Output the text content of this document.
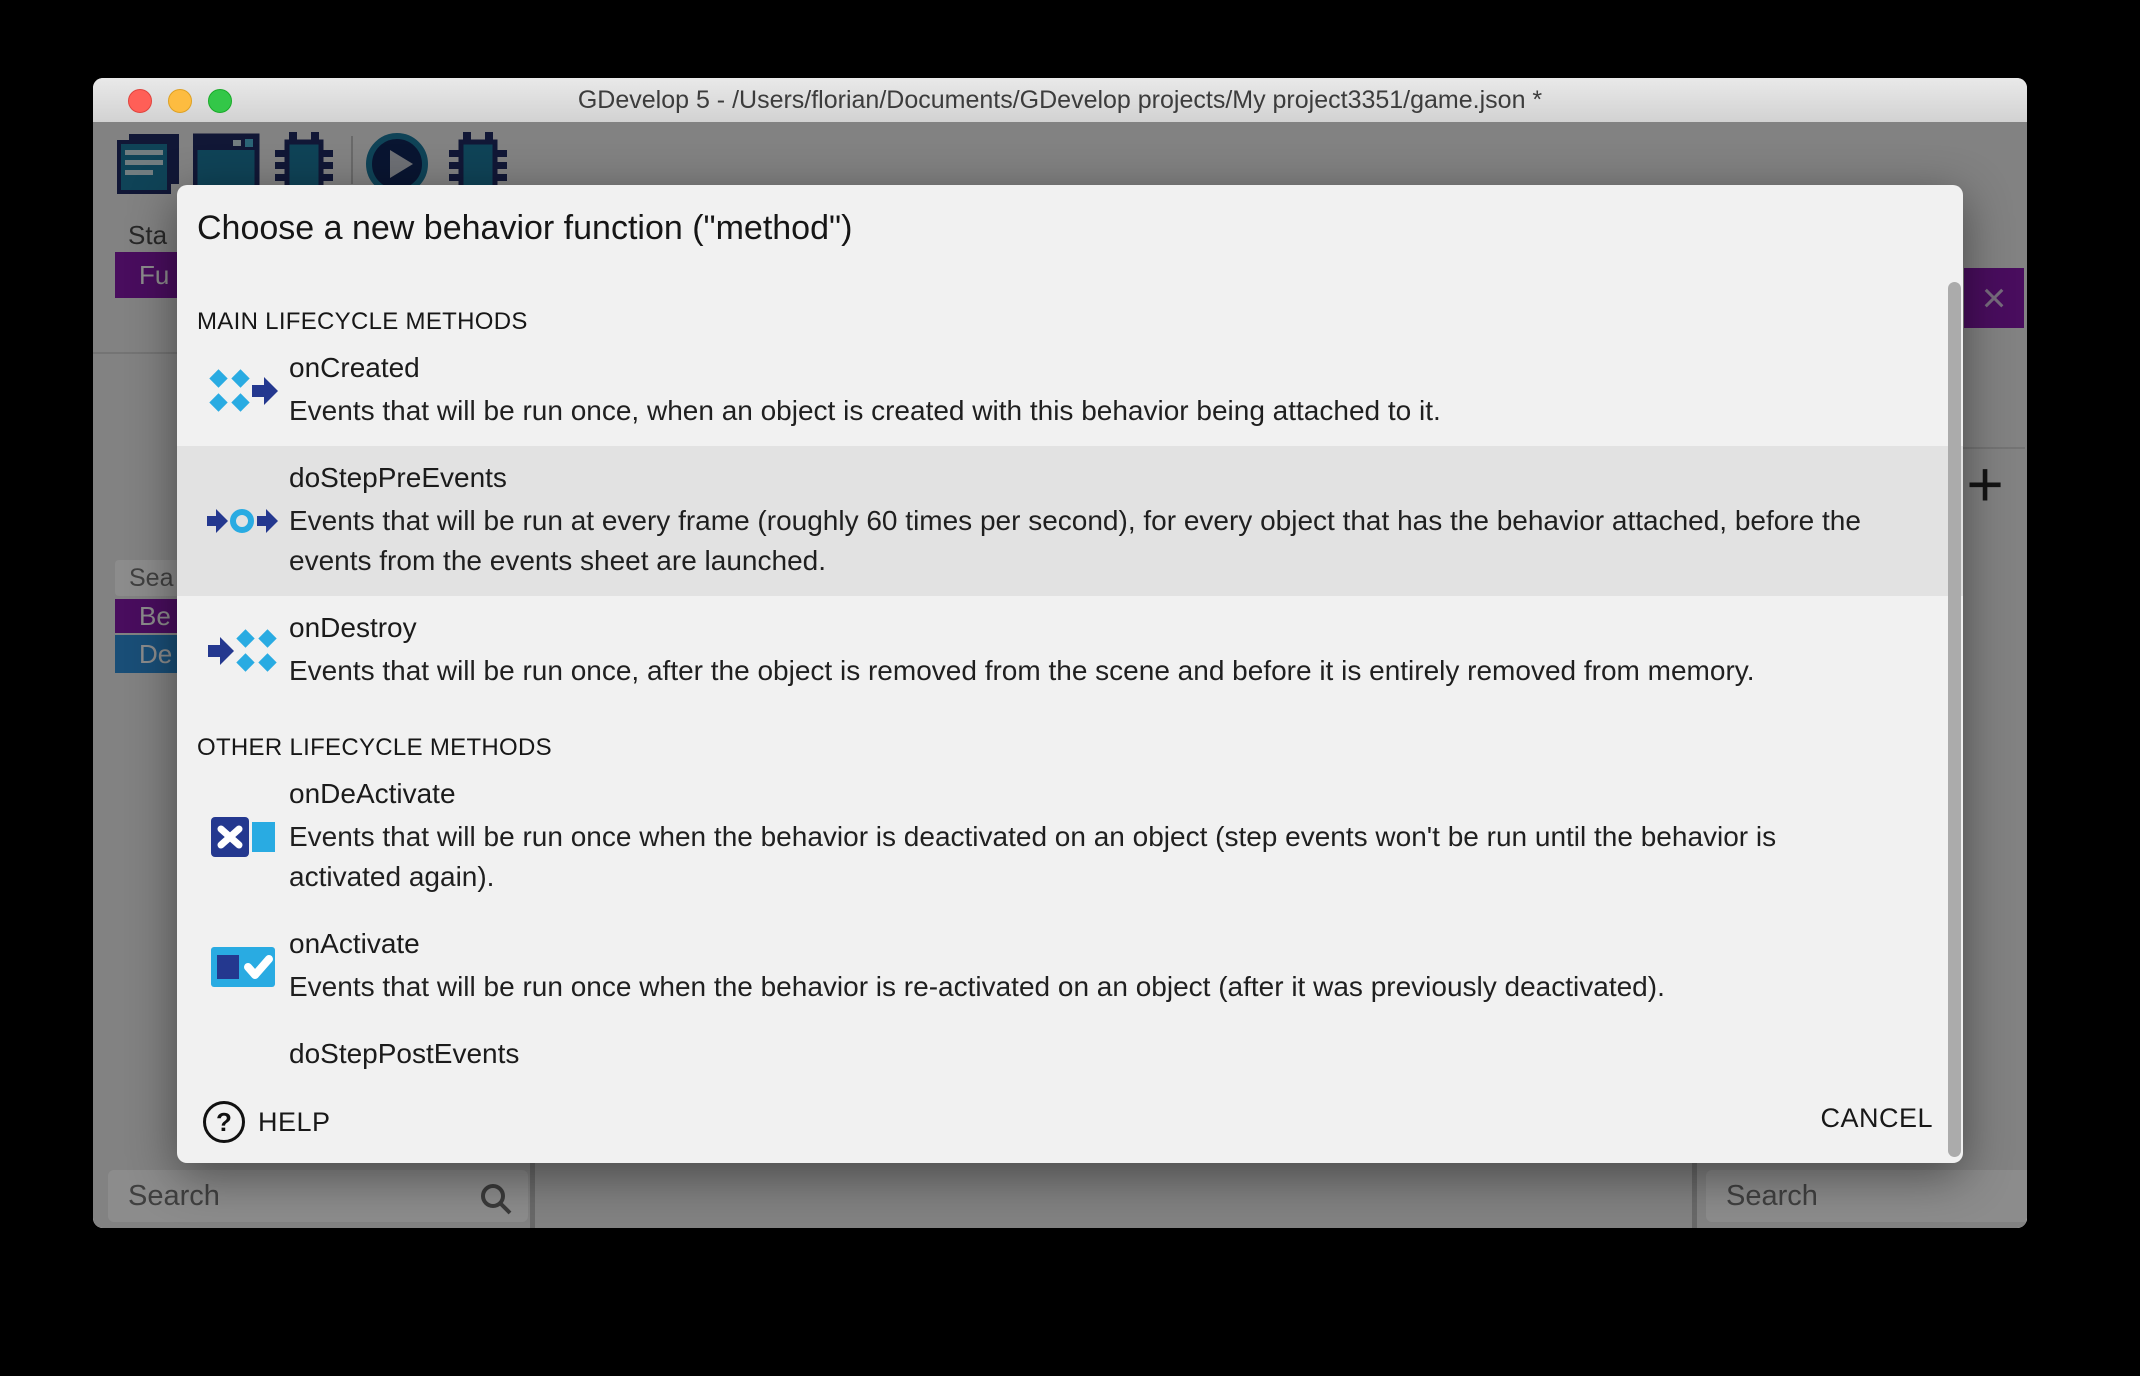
GDevelop 5 - /Users/florian/Documents/GDevelop projects/My project3351/game.json *
Sta
Fu	×
+
Sea
Be
De
Search
Search
Choose a new behavior function ("method")
MAIN LIFECYCLE METHODS
onCreated
Events that will be run once, when an object is created with this behavior being attached to it.
doStepPreEvents
Events that will be run at every frame (roughly 60 times per second), for every object that has the behavior attached, before the events from the events sheet are launched.
onDestroy
Events that will be run once, after the object is removed from the scene and before it is entirely removed from memory.
OTHER LIFECYCLE METHODS
onDeActivate
Events that will be run once when the behavior is deactivated on an object (step events won't be run until the behavior is activated again).
onActivate
Events that will be run once when the behavior is re-activated on an object (after it was previously deactivated).
doStepPostEvents
? HELP	CANCEL
